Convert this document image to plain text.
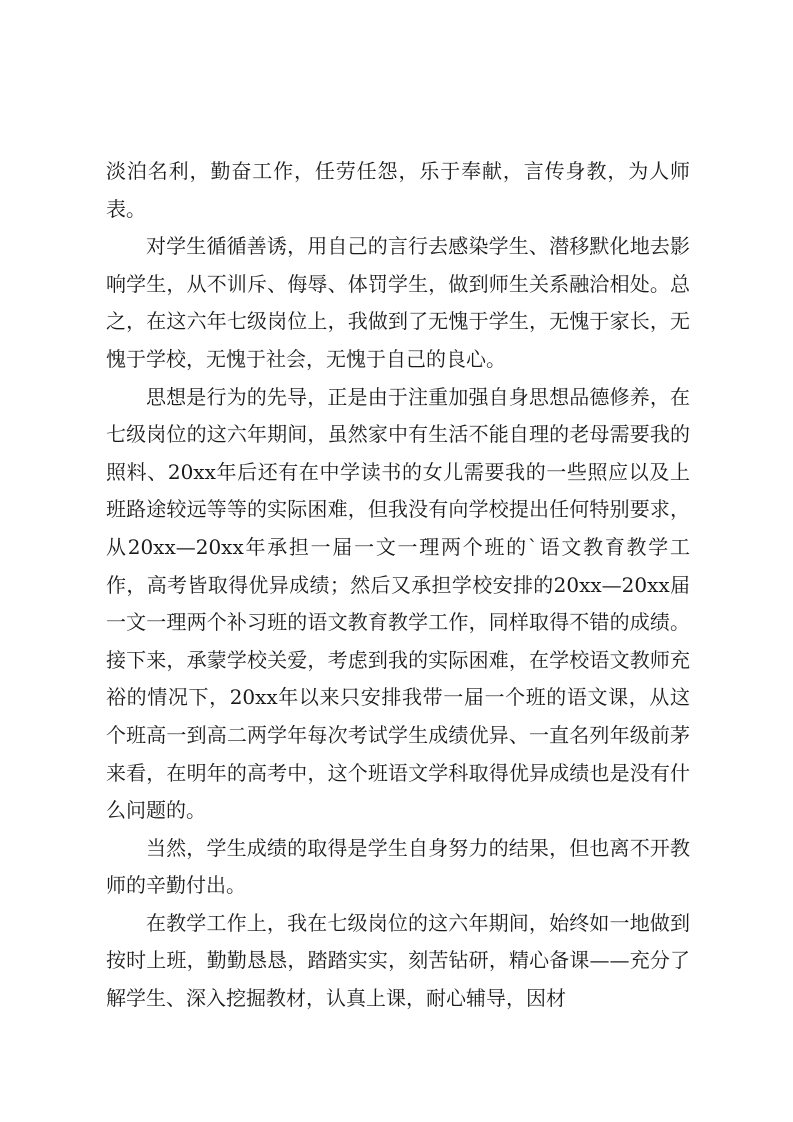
淡泊名利，勤奋工作，任劳任怨，乐于奉献，言传身教，为人师表。

对学生循循善诱，用自己的言行去感染学生、潜移默化地去影响学生，从不训斥、侮辱、体罚学生，做到师生关系融洽相处。总之，在这六年七级岗位上，我做到了无愧于学生，无愧于家长，无愧于学校，无愧于社会，无愧于自己的良心。

思想是行为的先导，正是由于注重加强自身思想品德修养，在七级岗位的这六年期间，虽然家中有生活不能自理的老母需要我的照料、20xx年后还有在中学读书的女儿需要我的一些照应以及上班路途较远等等的实际困难，但我没有向学校提出任何特别要求，从20xx—20xx年承担一届一文一理两个班的`语文教育教学工作，高考皆取得优异成绩；然后又承担学校安排的20xx—20xx届一文一理两个补习班的语文教育教学工作，同样取得不错的成绩。接下来，承蒙学校关爱，考虑到我的实际困难，在学校语文教师充裕的情况下，20xx年以来只安排我带一届一个班的语文课，从这个班高一到高二两学年每次考试学生成绩优异、一直名列年级前茅来看，在明年的高考中，这个班语文学科取得优异成绩也是没有什么问题的。

当然，学生成绩的取得是学生自身努力的结果，但也离不开教师的辛勤付出。

在教学工作上，我在七级岗位的这六年期间，始终如一地做到按时上班，勤勤恳恳，踏踏实实，刻苦钻研，精心备课——充分了解学生、深入挖掘教材，认真上课，耐心辅导，因材
